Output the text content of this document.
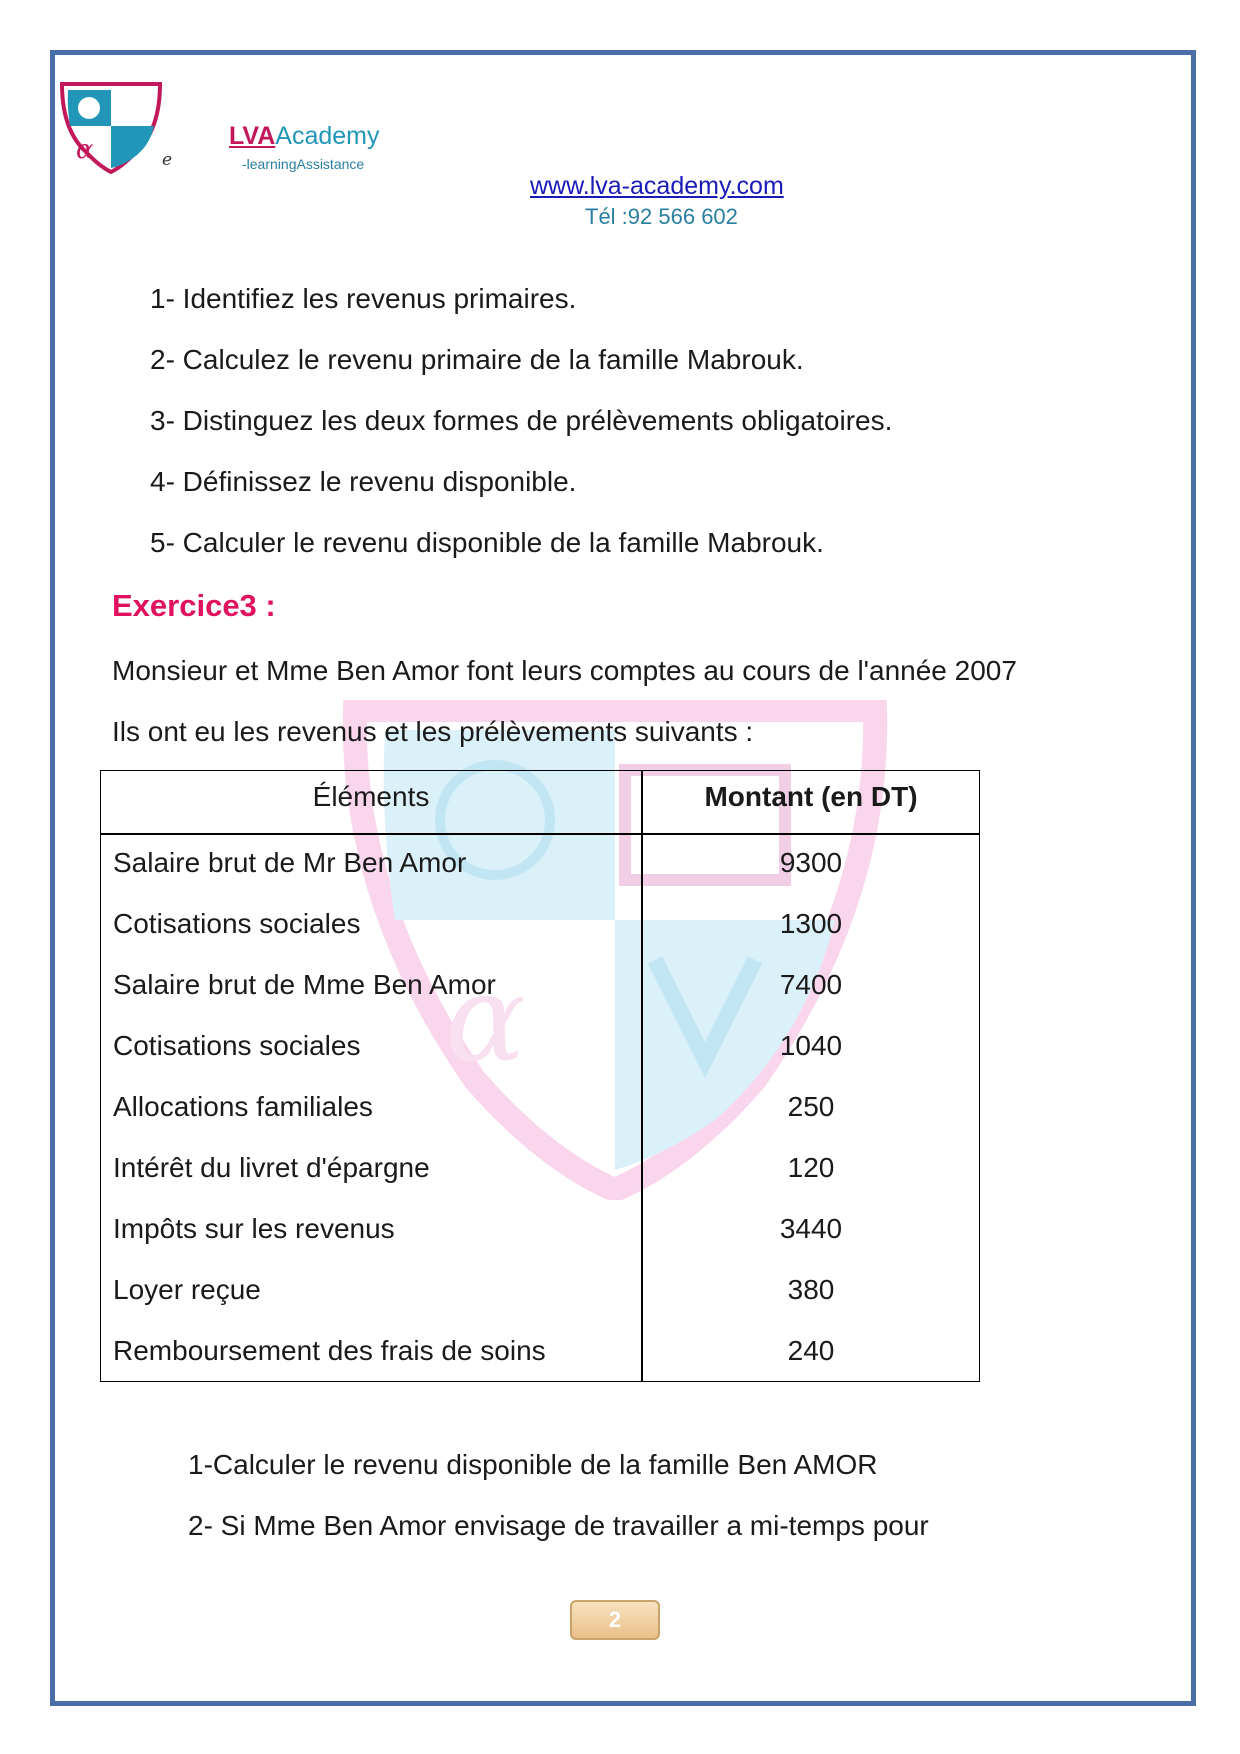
α
α	e
LVAAcademy
-learningAssistance
www.lva-academy.com
Tél :92 566 602
1- Identifiez les revenus primaires.
2- Calculez le revenu primaire de la famille Mabrouk.
3- Distinguez les deux formes de prélèvements obligatoires.
4- Définissez le revenu disponible.
5- Calculer le revenu disponible de la famille Mabrouk.
Exercice3 :
Monsieur et Mme Ben Amor font leurs comptes au cours de l'année 2007
Ils ont eu les revenus et les prélèvements suivants :
Éléments	Montant (en DT)
Salaire brut de Mr Ben Amor	9300
Cotisations sociales	1300
Salaire brut de Mme Ben Amor	7400
Cotisations sociales	1040
Allocations familiales	250
Intérêt du livret d'épargne	120
Impôts sur les revenus	3440
Loyer reçue	380
Remboursement des frais de soins	240
1-Calculer le revenu disponible de la famille Ben AMOR
2- Si Mme Ben Amor envisage de travailler a mi-temps pour
2
